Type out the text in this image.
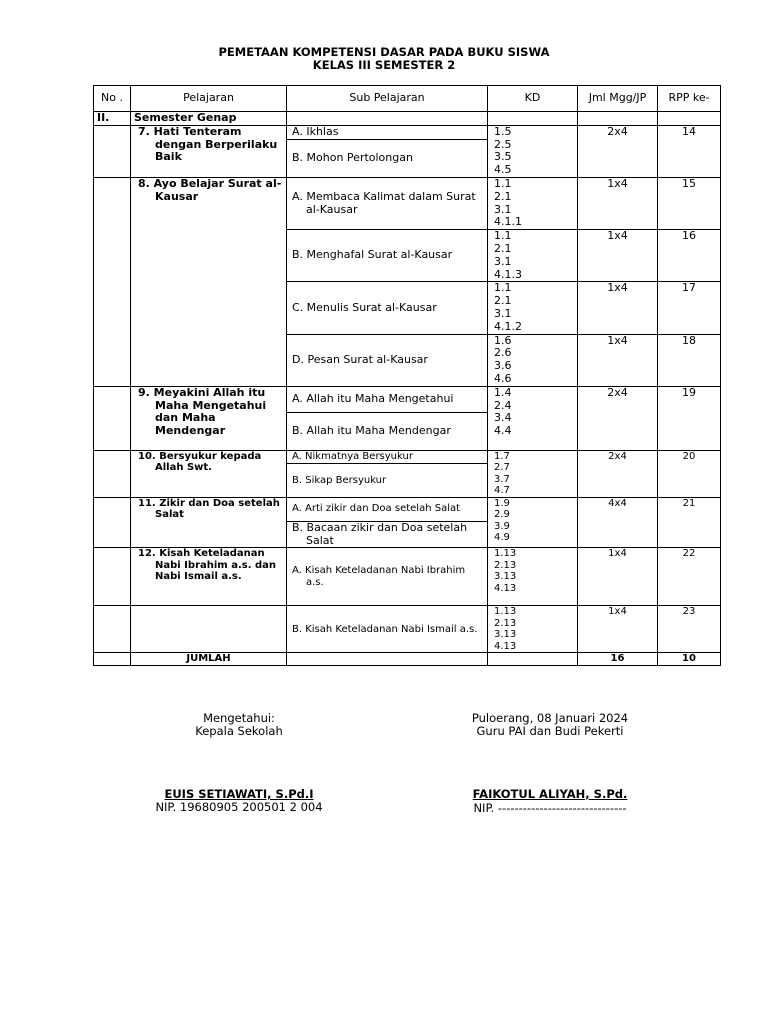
PEMETAAN KOMPETENSI DASAR PADA BUKU SISWA
KELAS III SEMESTER 2
No .	Pelajaran	Sub Pelajaran	KD	Jml Mgg/JP	RPP ke-
II.	Semester Genap				
	7. Hati Tenteram dengan Berperilaku Baik	A. Ikhlas	1.5
2.5
3.5
4.5	2x4	14
		B. Mohon Pertolongan			
	8. Ayo Belajar Surat al-Kausar	A. Membaca Kalimat dalam Surat al-Kausar	1.1
2.1
3.1
4.1.1	1x4	15
		B. Menghafal Surat al-Kausar	1.1
2.1
3.1
4.1.3	1x4	16
		C. Menulis Surat al-Kausar	1.1
2.1
3.1
4.1.2	1x4	17
		D. Pesan Surat al-Kausar	1.6
2.6
3.6
4.6	1x4	18
	9. Meyakini Allah itu Maha Mengetahui dan Maha Mendengar	A. Allah itu Maha Mengetahui	1.4
2.4
3.4
4.4	2x4	19
		B. Allah itu Maha Mendengar			
	10. Bersyukur kepada Allah Swt.	A. Nikmatnya Bersyukur	1.7
2.7
3.7
4.7	2x4	20
		B. Sikap Bersyukur			
	11. Zikir dan Doa setelah Salat	A. Arti zikir dan Doa setelah Salat	1.9
2.9
3.9
4.9	4x4	21
		B. Bacaan zikir dan Doa setelah Salat			
	12. Kisah Keteladanan Nabi Ibrahim a.s. dan Nabi Ismail a.s.	A. Kisah Keteladanan Nabi Ibrahim a.s.	1.13
2.13
3.13
4.13	1x4	22
		B. Kisah Keteladanan Nabi Ismail a.s.	1.13
2.13
3.13
4.13	1x4	23
	JUMLAH			16	10
Mengetahui:
Kepala Sekolah
EUIS SETIAWATI, S.Pd.I
NIP. 19680905 200501 2 004
Puloerang, 08 Januari 2024
Guru PAI dan Budi Pekerti
FAIKOTUL ALIYAH, S.Pd.
NIP. -------------------------------
